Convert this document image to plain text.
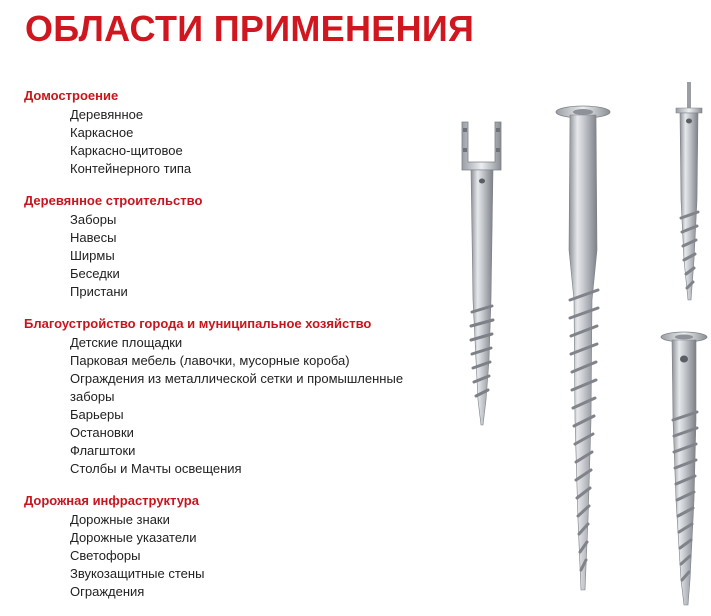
ОБЛАСТИ ПРИМЕНЕНИЯ
Домостроение
Деревянное
Каркасное
Каркасно-щитовое
Контейнерного типа
Деревянное строительство
Заборы
Навесы
Ширмы
Беседки
Пристани
Благоустройство города и муниципальное хозяйство
Детские площадки
Парковая мебель (лавочки, мусорные короба)
Ограждения из металлической сетки и промышленные заборы
Барьеры
Остановки
Флагштоки
Столбы и Мачты освещения
Дорожная инфраструктура
Дорожные знаки
Дорожные указатели
Светофоры
Звукозащитные стены
Ограждения
